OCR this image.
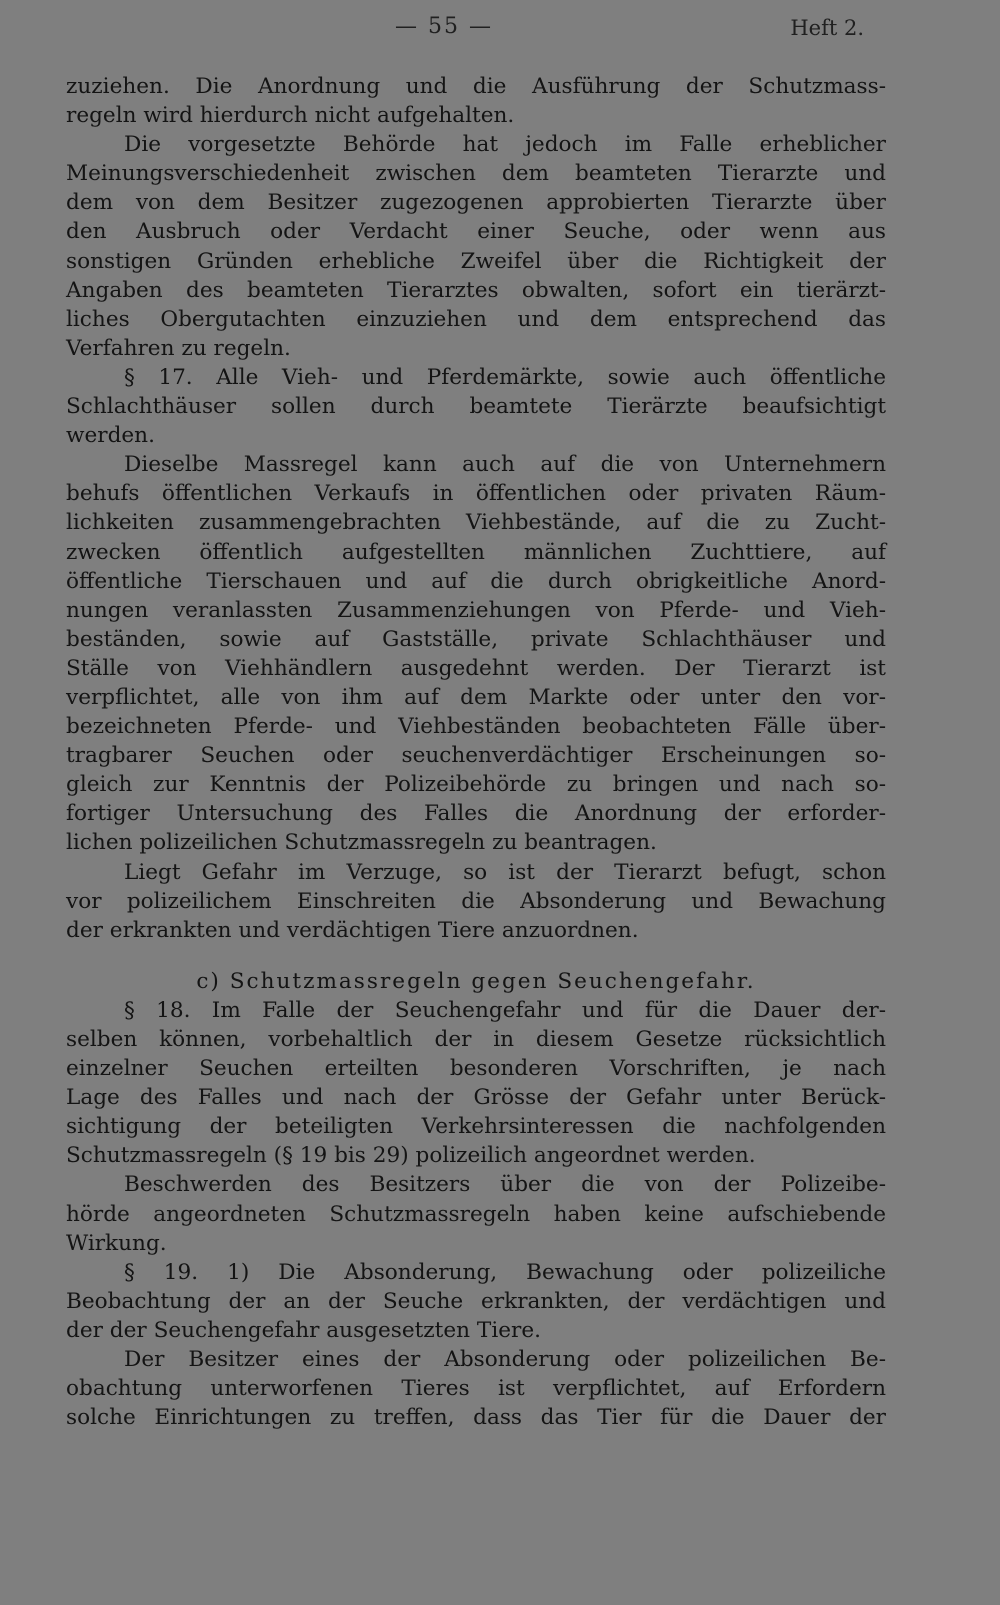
— 55 —	Heft 2.
zuziehen. Die Anordnung und die Ausführung der Schutzmass-
regeln wird hierdurch nicht aufgehalten.
Die vorgesetzte Behörde hat jedoch im Falle erheblicher
Meinungsverschiedenheit zwischen dem beamteten Tierarzte und
dem von dem Besitzer zugezogenen approbierten Tierarzte über
den Ausbruch oder Verdacht einer Seuche, oder wenn aus
sonstigen Gründen erhebliche Zweifel über die Richtigkeit der
Angaben des beamteten Tierarztes obwalten, sofort ein tierärzt-
liches Obergutachten einzuziehen und dem entsprechend das
Verfahren zu regeln.
§ 17. Alle Vieh- und Pferdemärkte, sowie auch öffentliche
Schlachthäuser sollen durch beamtete Tierärzte beaufsichtigt
werden.
Dieselbe Massregel kann auch auf die von Unternehmern
behufs öffentlichen Verkaufs in öffentlichen oder privaten Räum-
lichkeiten zusammengebrachten Viehbestände, auf die zu Zucht-
zwecken öffentlich aufgestellten männlichen Zuchttiere, auf
öffentliche Tierschauen und auf die durch obrigkeitliche Anord-
nungen veranlassten Zusammenziehungen von Pferde- und Vieh-
beständen, sowie auf Gastställe, private Schlachthäuser und
Ställe von Viehhändlern ausgedehnt werden. Der Tierarzt ist
verpflichtet, alle von ihm auf dem Markte oder unter den vor-
bezeichneten Pferde- und Viehbeständen beobachteten Fälle über-
tragbarer Seuchen oder seuchenverdächtiger Erscheinungen so-
gleich zur Kenntnis der Polizeibehörde zu bringen und nach so-
fortiger Untersuchung des Falles die Anordnung der erforder-
lichen polizeilichen Schutzmassregeln zu beantragen.
Liegt Gefahr im Verzuge, so ist der Tierarzt befugt, schon
vor polizeilichem Einschreiten die Absonderung und Bewachung
der erkrankten und verdächtigen Tiere anzuordnen.
c) Schutzmassregeln gegen Seuchengefahr.
§ 18. Im Falle der Seuchengefahr und für die Dauer der-
selben können, vorbehaltlich der in diesem Gesetze rücksichtlich
einzelner Seuchen erteilten besonderen Vorschriften, je nach
Lage des Falles und nach der Grösse der Gefahr unter Berück-
sichtigung der beteiligten Verkehrsinteressen die nachfolgenden
Schutzmassregeln (§ 19 bis 29) polizeilich angeordnet werden.
Beschwerden des Besitzers über die von der Polizeibe-
hörde angeordneten Schutzmassregeln haben keine aufschiebende
Wirkung.
§ 19. 1) Die Absonderung, Bewachung oder polizeiliche
Beobachtung der an der Seuche erkrankten, der verdächtigen und
der der Seuchengefahr ausgesetzten Tiere.
Der Besitzer eines der Absonderung oder polizeilichen Be-
obachtung unterworfenen Tieres ist verpflichtet, auf Erfordern
solche Einrichtungen zu treffen, dass das Tier für die Dauer der
